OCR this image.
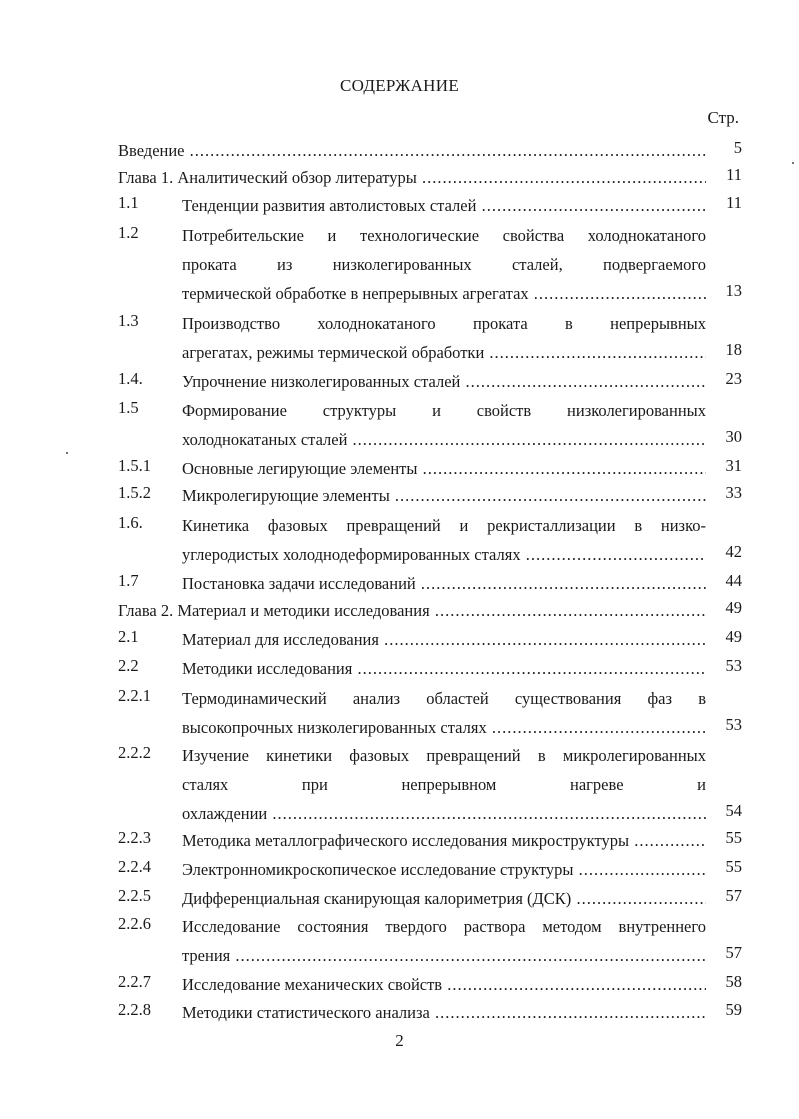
СОДЕРЖАНИЕ
Стр.
Введение .....	5
Глава 1. Аналитический обзор литературы .....	11
1.1	Тенденции развития автолистовых сталей .....	11
1.2	Потребительские и технологические свойства холоднокатаного
проката из низколегированных сталей, подвергаемого
термической обработке в непрерывных агрегатах .....	13
1.3	Производство холоднокатаного проката в непрерывных
агрегатах, режимы термической обработки .....	18
1.4. Упрочнение низколегированных сталей .....	23
1.5	Формирование структуры и свойств низколегированных
холоднокатаных сталей .....	30
1.5.1 Основные легирующие элементы .....	31
1.5.2 Микролегирующие элементы .....	33
1.6. Кинетика фазовых превращений и рекристаллизации в низко-
углеродистых холоднодеформированных сталях .....	42
1.7	Постановка задачи исследований .....	44
Глава 2. Материал и методики исследования .....	49
2.1	Материал для исследования .....	49
2.2	Методики исследования .....	53
2.2.1 Термодинамический анализ областей существования фаз в
высокопрочных низколегированных сталях .....	53
2.2.2 Изучение кинетики фазовых превращений в микролегированных
сталях при непрерывном нагреве и
охлаждении .....	54
2.2.3 Методика металлографического исследования микроструктуры .....	55
2.2.4 Электронномикроскопическое исследование структуры .....	55
2.2.5 Дифференциальная сканирующая калориметрия (ДСК) .....	57
2.2.6 Исследование состояния твердого раствора методом внутреннего
трения .....	57
2.2.7 Исследование механических свойств .....	58
2.2.8 Методики статистического анализа .....	59
2
